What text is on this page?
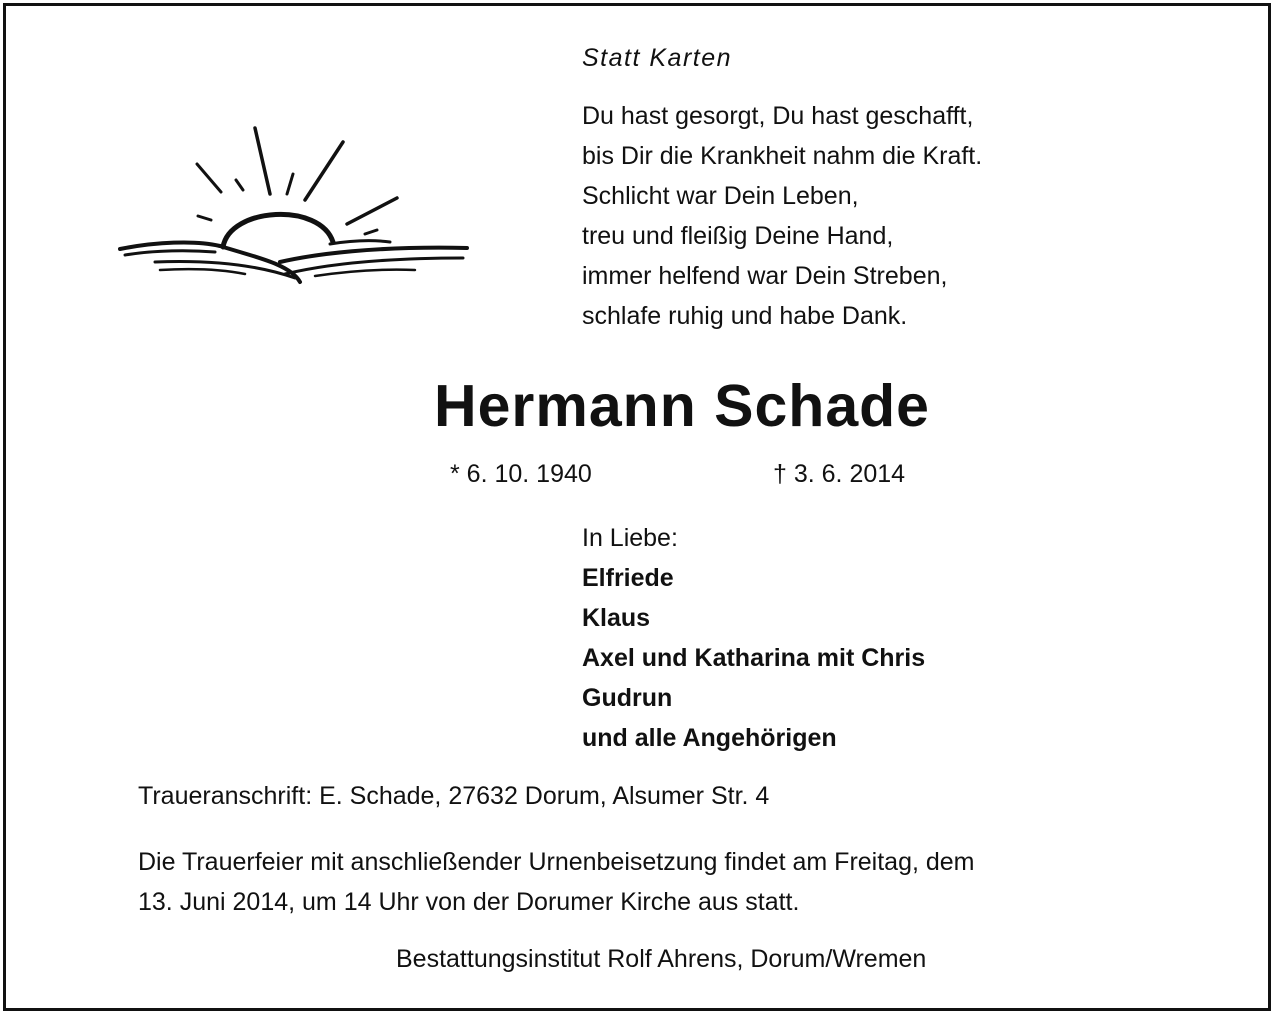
Statt Karten
Du hast gesorgt, Du hast geschafft,
bis Dir die Krankheit nahm die Kraft.
Schlicht war Dein Leben,
treu und fleißig Deine Hand,
immer helfend war Dein Streben,
schlafe ruhig und habe Dank.
Hermann Schade
* 6. 10. 1940	† 3. 6. 2014
In Liebe:
Elfriede
Klaus
Axel und Katharina mit Chris
Gudrun
und alle Angehörigen
Traueranschrift: E. Schade, 27632 Dorum, Alsumer Str. 4
Die Trauerfeier mit anschließender Urnenbeisetzung findet am Freitag, dem
13. Juni 2014, um 14 Uhr von der Dorumer Kirche aus statt.
Bestattungsinstitut Rolf Ahrens, Dorum/Wremen
